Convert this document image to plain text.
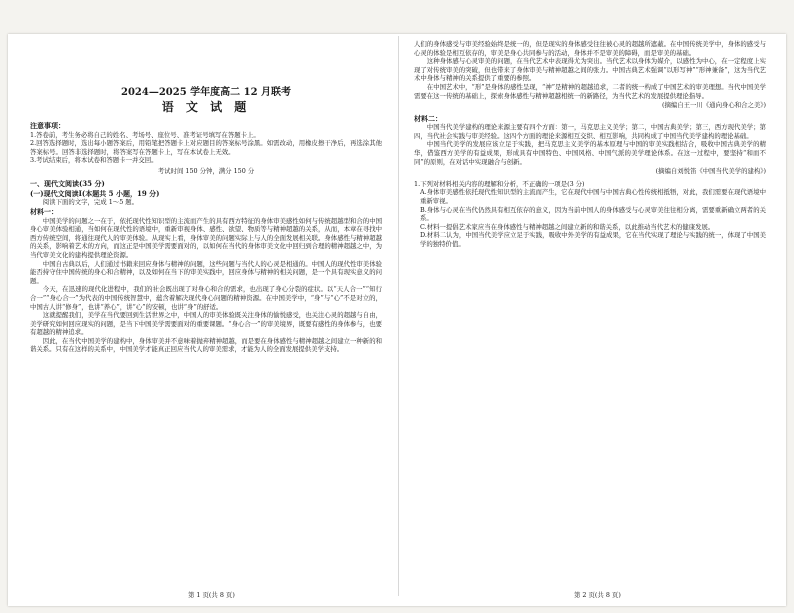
2024—2025 学年度高二 12 月联考
语 文 试 题
注意事项：

1.答卷前，考生务必将自己的姓名、考场号、座位号、准考证号填写在答题卡上。

2.回答选择题时，选出每小题答案后，用铅笔把答题卡上对应题目的答案标号涂黑。如需改动，用橡皮擦干净后，再选涂其他答案标号。回答非选择题时，将答案写在答题卡上，写在本试卷上无效。

3.考试结束后，将本试卷和答题卡一并交回。

考试时间 150 分钟，满分 150 分
一、现代文阅读(35 分)
(一)现代文阅读Ⅰ(本题共 5 小题，19 分)

阅读下面的文字，完成 1～5 题。

材料一：

中国美学的问题之一在于，依托现代性知识型的主流而产生的具有西方特征的身体审美感性如何与传统超越型和合的中国身心审美体验相通，当如何在现代性的语境中，重新审视身体、感性、欲望、物质等与精神超越的关系，从而，本章在寻找中西方传统空间，将通往现代人的审美体验。从现实上看，身体审美的问题实际上与人的全面发展相关联。身体感性与精神超越的关系，影响着艺术的方向，而这正是中国美学需要面对的，以如何在当代的身体审美文化中回归到合理的精神超越之中，为当代审美文化的建构提供理论资源。

中国自古典以后，人们通过书籍来回应身体与精神的问题，这些问题与当代人的心灵是相通的。中国人的现代性审美体验能否持守住中国传统的身心和合精神，以及如何在当下的审美实践中，回应身体与精神的相关问题，是一个具有现实意义的问题。

今天，在迅速的现代化进程中，我们的社会既出现了对身心和合的需求，也出现了身心分裂的症状。以“天人合一”“知行合一”“身心合一”为代表的中国传统智慧中，蕴含着解决现代身心问题的精神资源。在中国美学中，“身”与“心”不是对立的，中国古人讲“修身”，也讲“养心”，讲“心”的安顿，也讲“身”的舒适。

这就提醒我们，美学在当代要回到生活世界之中，中国人的审美体验既关注身体的愉悦感受，也关注心灵的超越与自由，美学研究如何回应现实的问题，是当下中国美学需要面对的重要课题。“身心合一”的审美境界，既要有感性的身体参与，也要有超越的精神追求。

因此，在当代中国美学的建构中，身体审美并不意味着抛弃精神超越，而是要在身体感性与精神超越之间建立一种新的和谐关系。只有在这样的关系中，中国美学才能真正回应当代人的审美需求，才能为人的全面发展提供美学支持。

人们的身体感受与审美经验始终是统一的，但是现实的身体感受往往被心灵的超越所遮蔽。在中国传统美学中，身体的感受与心灵的体验是相互依存的，审美是身心共同参与的活动，身体并不是审美的障碍，而是审美的基础。

这种身体感与心灵审美的问题，在当代艺术中表现得尤为突出。当代艺术以身体为媒介，以感性为中心，在一定程度上实现了对传统审美的突破，但也带来了身体审美与精神超越之间的张力。中国古典艺术强调“以形写神”“形神兼备”，这为当代艺术中身体与精神的关系提供了重要的参照。

在中国艺术中，“形”是身体的感性呈现，“神”是精神的超越追求，二者的统一构成了中国艺术的审美理想。当代中国美学需要在这一传统的基础上，探索身体感性与精神超越相统一的新路径，为当代艺术的发展提供理论指导。

(摘编自王一川《通向身心和合之美》)
材料二：

中国当代美学建构的理论来源主要有四个方面：第一，马克思主义美学；第二，中国古典美学；第三，西方现代美学；第四，当代社会实践与审美经验。这四个方面的理论来源相互交织、相互影响，共同构成了中国当代美学建构的理论基础。

中国当代美学的发展应该立足于实践，把马克思主义美学的基本原理与中国的审美实践相结合，吸收中国古典美学的精华，借鉴西方美学的有益成果，形成具有中国特色、中国风格、中国气派的美学理论体系。在这一过程中，要坚持“和而不同”的原则，在对话中实现融合与创新。

(摘编自刘悦笛《中国当代美学的建构》)

1.下列对材料相关内容的理解和分析，不正确的一项是(3 分)

A.身体审美感性依托现代性知识型的主流而产生，它在现代中国与中国古典心性传统相抵牾，对此，我们需要在现代语境中重新审视。

B.身体与心灵在当代仍然具有相互依存的意义，因为当前中国人的身体感受与心灵审美往往相分离，需要重新确立两者的关系。

C.材料一提倡艺术家应当在身体感性与精神超越之间建立新的和谐关系，以此推动当代艺术的健康发展。

D.材料二认为，中国当代美学应立足于实践，吸收中外美学的有益成果，它在当代实现了理论与实践的统一，体现了中国美学的独特价值。

第 1 页(共 8 页)	第 2 页(共 8 页)
